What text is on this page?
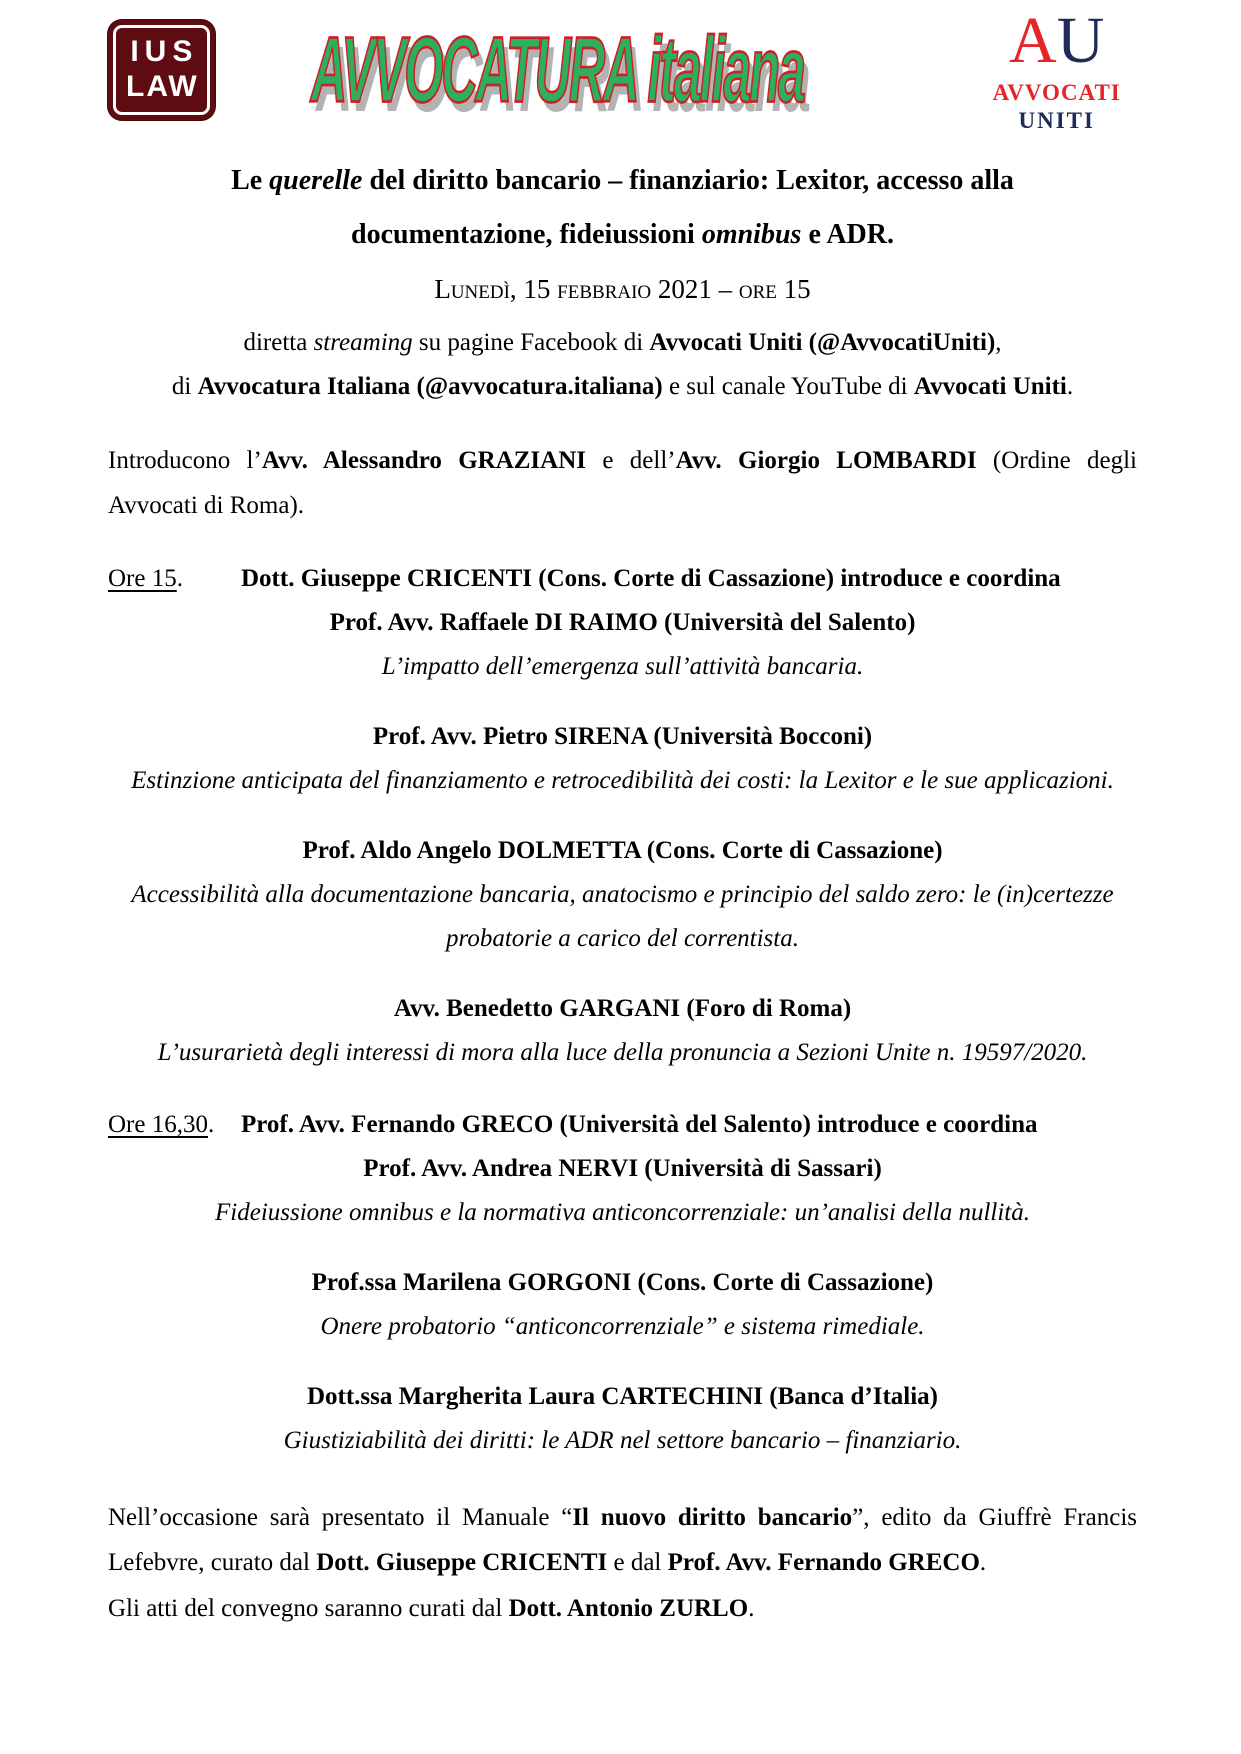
IUS
LAW AVVOCATURA italiana	AU
AVVOCATI
UNITI
Le querelle del diritto bancario – finanziario: Lexitor, accesso alla
documentazione, fideiussioni omnibus e ADR.
Lunedì, 15 febbraio 2021 – ore 15
diretta streaming su pagine Facebook di Avvocati Uniti (@AvvocatiUniti),
di Avvocatura Italiana (@avvocatura.italiana) e sul canale YouTube di Avvocati Uniti.

Introducono l’Avv. Alessandro GRAZIANI e dell’Avv. Giorgio LOMBARDI (Ordine degli Avvocati di Roma).

Ore 15. Dott. Giuseppe CRICENTI (Cons. Corte di Cassazione) introduce e coordina
Prof. Avv. Raffaele DI RAIMO (Università del Salento)
L’impatto dell’emergenza sull’attività bancaria.
Prof. Avv. Pietro SIRENA (Università Bocconi)
Estinzione anticipata del finanziamento e retrocedibilità dei costi: la Lexitor e le sue applicazioni.
Prof. Aldo Angelo DOLMETTA (Cons. Corte di Cassazione)
Accessibilità alla documentazione bancaria, anatocismo e principio del saldo zero: le (in)certezze probatorie a carico del correntista.
Avv. Benedetto GARGANI (Foro di Roma)
L’usurarietà degli interessi di mora alla luce della pronuncia a Sezioni Unite n. 19597/2020.
Ore 16,30. Prof. Avv. Fernando GRECO (Università del Salento) introduce e coordina
Prof. Avv. Andrea NERVI (Università di Sassari)
Fideiussione omnibus e la normativa anticoncorrenziale: un’analisi della nullità.
Prof.ssa Marilena GORGONI (Cons. Corte di Cassazione)
Onere probatorio “anticoncorrenziale” e sistema rimediale.
Dott.ssa Margherita Laura CARTECHINI (Banca d’Italia)
Giustiziabilità dei diritti: le ADR nel settore bancario – finanziario.

Nell’occasione sarà presentato il Manuale “Il nuovo diritto bancario”, edito da Giuffrè Francis Lefebvre, curato dal Dott. Giuseppe CRICENTI e dal Prof. Avv. Fernando GRECO.

Gli atti del convegno saranno curati dal Dott. Antonio ZURLO.
